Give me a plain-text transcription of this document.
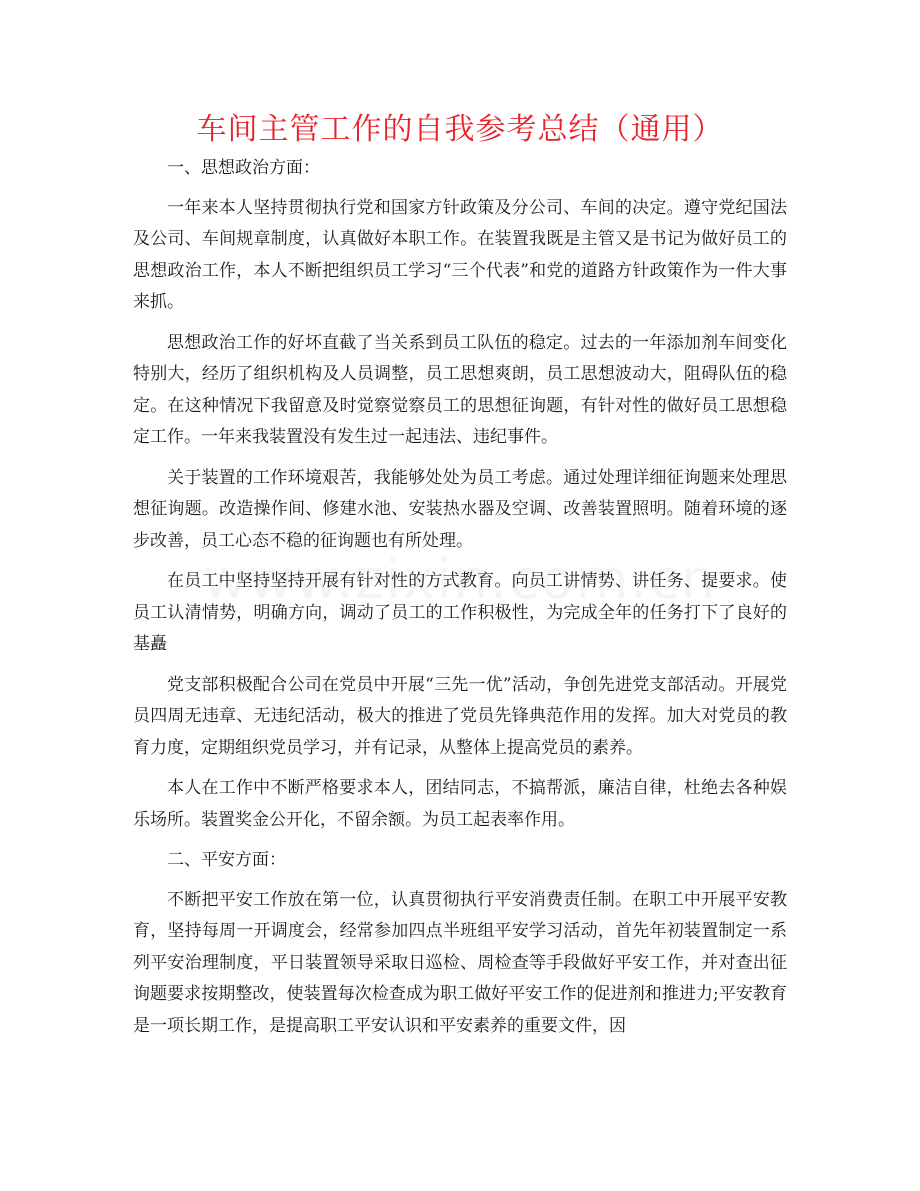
车间主管工作的自我参考总结（通用）

一、思想政治方面：

一年来本人坚持贯彻执行党和国家方针政策及分公司、车间的决定。遵守党纪国法及公司、车间规章制度，认真做好本职工作。在装置我既是主管又是书记为做好员工的思想政治工作，本人不断把组织员工学习“三个代表”和党的道路方针政策作为一件大事来抓。

思想政治工作的好坏直截了当关系到员工队伍的稳定。过去的一年添加剂车间变化特别大，经历了组织机构及人员调整，员工思想爽朗，员工思想波动大，阻碍队伍的稳定。在这种情况下我留意及时觉察觉察员工的思想征询题，有针对性的做好员工思想稳定工作。一年来我装置没有发生过一起违法、违纪事件。

关于装置的工作环境艰苦，我能够处处为员工考虑。通过处理详细征询题来处理思想征询题。改造操作间、修建水池、安装热水器及空调、改善装置照明。随着环境的逐步改善，员工心态不稳的征询题也有所处理。

在员工中坚持坚持开展有针对性的方式教育。向员工讲情势、讲任务、提要求。使员工认清情势，明确方向，调动了员工的工作积极性，为完成全年的任务打下了良好的基矗

党支部积极配合公司在党员中开展“三先一优”活动，争创先进党支部活动。开展党员四周无违章、无违纪活动，极大的推进了党员先锋典范作用的发挥。加大对党员的教育力度，定期组织党员学习，并有记录，从整体上提高党员的素养。

本人在工作中不断严格要求本人，团结同志，不搞帮派，廉洁自律，杜绝去各种娱乐场所。装置奖金公开化，不留余额。为员工起表率作用。

二、平安方面：

不断把平安工作放在第一位，认真贯彻执行平安消费责任制。在职工中开展平安教育，坚持每周一开调度会，经常参加四点半班组平安学习活动，首先年初装置制定一系列平安治理制度，平日装置领导采取日巡检、周检查等手段做好平安工作，并对查出征询题要求按期整改，使装置每次检查成为职工做好平安工作的促进剂和推进力;平安教育是一项长期工作，是提高职工平安认识和平安素养的重要文件，因
